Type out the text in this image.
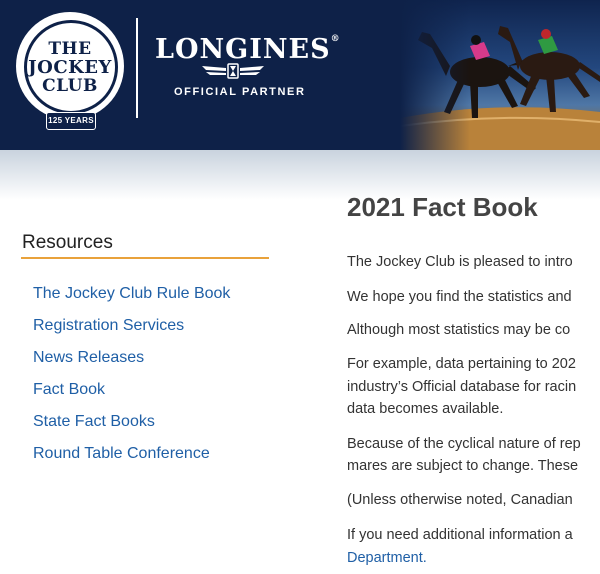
THE
JOCKEY
CLUB
125 YEARS
LONGINES®
OFFICIAL PARTNER
Resources
The Jockey Club Rule Book
Registration Services
News Releases
Fact Book
State Fact Books
Round Table Conference
2021 Fact Book
The Jockey Club is pleased to intro
We hope you find the statistics and
Although most statistics may be co
For example, data pertaining to 202
industry’s Official database for racin
data becomes available.
Because of the cyclical nature of rep
mares are subject to change. These
(Unless otherwise noted, Canadian
If you need additional information a
Department.
